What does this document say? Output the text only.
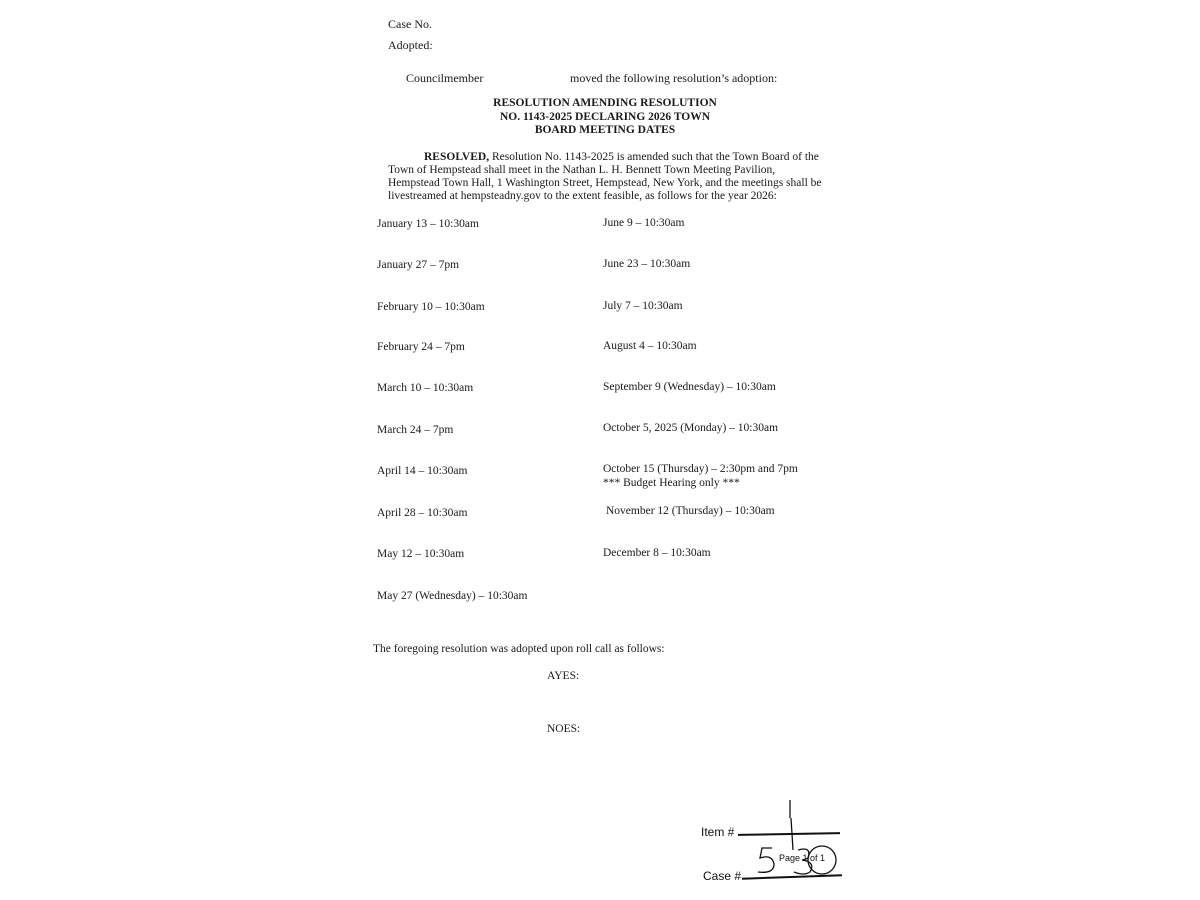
Case No.
Adopted:
Councilmember	moved the following resolution’s adoption:
RESOLUTION AMENDING RESOLUTION
NO. 1143-2025 DECLARING 2026 TOWN
BOARD MEETING DATES
RESOLVED, Resolution No. 1143-2025 is amended such that the Town Board of the Town of Hempstead shall meet in the Nathan L. H. Bennett Town Meeting Pavilion, Hempstead Town Hall, 1 Washington Street, Hempstead, New York, and the meetings shall be livestreamed at hempsteadny.gov to the extent feasible, as follows for the year 2026:
January 13 – 10:30am
January 27 – 7pm
February 10 – 10:30am
February 24 – 7pm
March 10 – 10:30am
March 24 – 7pm
April 14 – 10:30am
April 28 – 10:30am
May 12 – 10:30am
May 27 (Wednesday) – 10:30am
June 9 – 10:30am
June 23 – 10:30am
July 7 – 10:30am
August 4 – 10:30am
September 9 (Wednesday) – 10:30am
October 5, 2025 (Monday) – 10:30am
October 15 (Thursday) – 2:30pm and 7pm
*** Budget Hearing only ***
November 12 (Thursday) – 10:30am
December 8 – 10:30am
The foregoing resolution was adopted upon roll call as follows:
AYES:
NOES:
Item #
Case #
Page 1 of 1
